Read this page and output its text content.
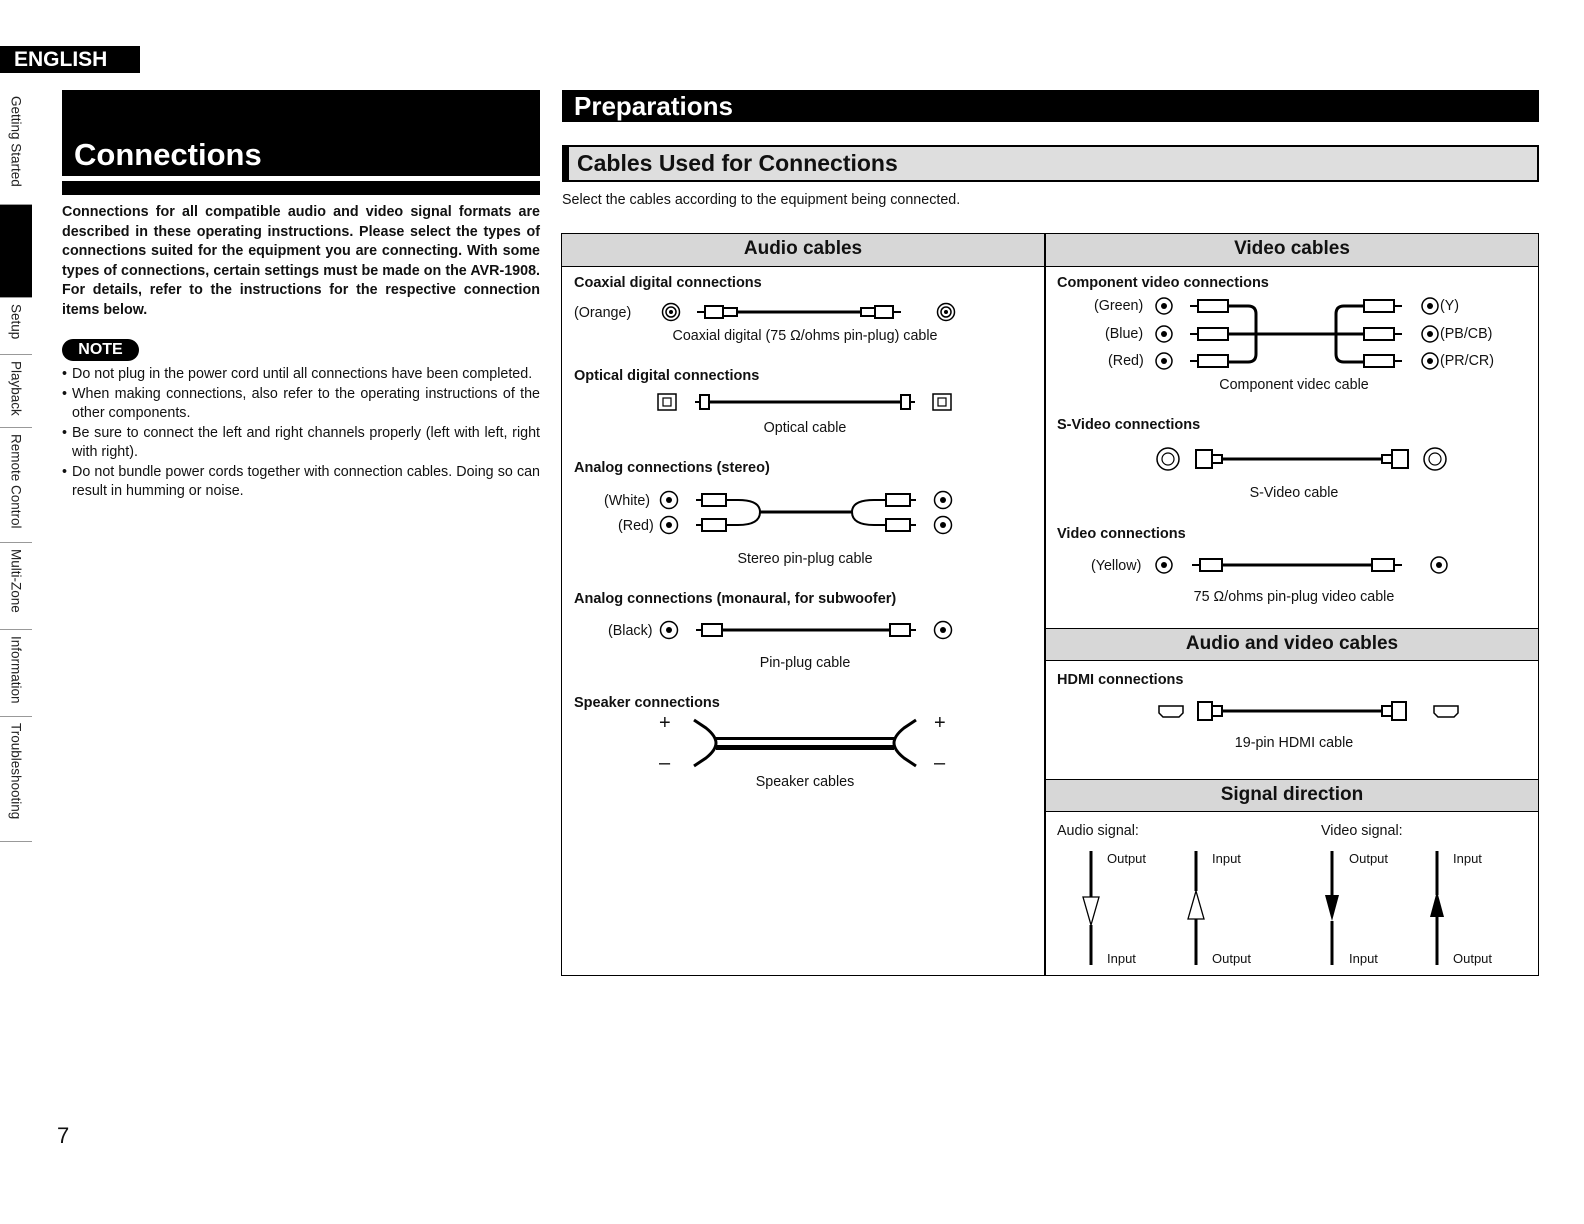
ENGLISH
Getting Started
Setup
Playback
Remote Control
Multi-Zone
Information
Troubleshooting
Connections
Connections for all compatible audio and video signal formats are described in these operating instructions. Please select the types of connections suited for the equipment you are connecting. With some types of connections, certain settings must be made on the AVR-1908. For details, refer to the instructions for the respective connection items below.
NOTE
• Do not plug in the power cord until all connections have been completed.
• When making connections, also refer to the operating instructions of the other components.
• Be sure to connect the left and right channels properly (left with left, right with right).
• Do not bundle power cords together with connection cables. Doing so can result in humming or noise.
Preparations
Cables Used for Connections
Select the cables according to the equipment being connected.
Audio cables	Video cables
Coaxial digital connections
(Orange)
Coaxial digital (75 Ω/ohms pin-plug) cable
Optical digital connections
Optical cable
Analog connections (stereo)
(White)
(Red)
Stereo pin-plug cable
Analog connections (monaural, for subwoofer)
(Black)
Pin-plug cable
Speaker connections
+
–
+
–
Speaker cables
Component video connections
(Green)
(Blue)
(Red)
(Y)
(PB/CB)
(PR/CR)
Component videc cable
S-Video connections
S-Video cable
Video connections
(Yellow)
75 Ω/ohms pin-plug video cable
Audio and video cables
HDMI connections
19-pin HDMI cable
Signal direction
Audio signal:	Video signal:
Output
Input
Input
Output
Output
Input
Input
Output
7
